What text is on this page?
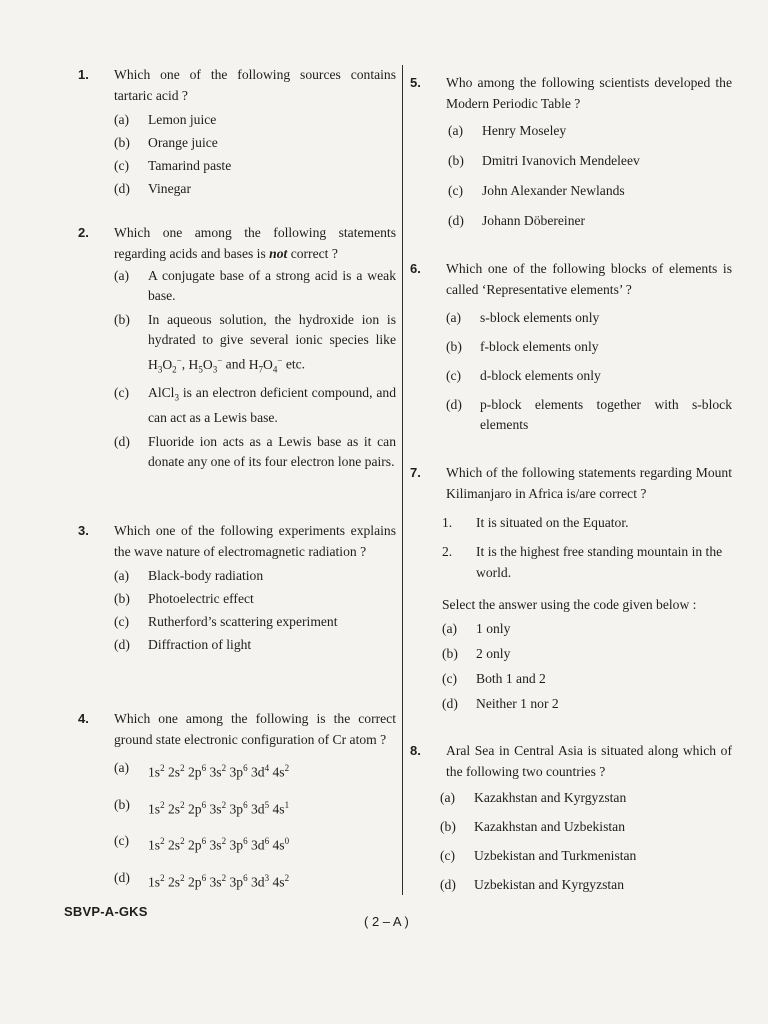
1.	Which one of the following sources contains tartaric acid ?
(a)	Lemon juice
(b)	Orange juice
(c)	Tamarind paste
(d)	Vinegar
2.	Which one among the following statements regarding acids and bases is not correct ?
(a)	A conjugate base of a strong acid is a weak base.
(b)	In aqueous solution, the hydroxide ion is hydrated to give several ionic species like $H_3O_2^-$, $H_5O_3^-$ and $H_7O_4^-$ etc.
(c)	AlCl$_3$ is an electron deficient compound, and can act as a Lewis base.
(d)	Fluoride ion acts as a Lewis base as it can donate any one of its four electron lone pairs.
3.	Which one of the following experiments explains the wave nature of electromagnetic radiation ?
(a)	Black-body radiation
(b)	Photoelectric effect
(c)	Rutherford’s scattering experiment
(d)	Diffraction of light
4.	Which one among the following is the correct ground state electronic configuration of Cr atom ?
(a)	$1s^2$ $2s^2$ $2p^6$ $3s^2$ $3p^6$ $3d^4$ $4s^2$
(b)	$1s^2$ $2s^2$ $2p^6$ $3s^2$ $3p^6$ $3d^5$ $4s^1$
(c)	$1s^2$ $2s^2$ $2p^6$ $3s^2$ $3p^6$ $3d^6$ $4s^0$
(d)	$1s^2$ $2s^2$ $2p^6$ $3s^2$ $3p^6$ $3d^3$ $4s^2$
5.	Who among the following scientists developed the Modern Periodic Table ?
(a)	Henry Moseley
(b)	Dmitri Ivanovich Mendeleev
(c)	John Alexander Newlands
(d)	Johann Döbereiner
6.	Which one of the following blocks of elements is called ‘Representative elements’ ?
(a)	s-block elements only
(b)	f-block elements only
(c)	d-block elements only
(d)	p-block elements together with s-block elements
7.	Which of the following statements regarding Mount Kilimanjaro in Africa is/are correct ?
1.	It is situated on the Equator.
2.	It is the highest free standing mountain in the world.
Select the answer using the code given below :
(a)	1 only
(b)	2 only
(c)	Both 1 and 2
(d)	Neither 1 nor 2
8.	Aral Sea in Central Asia is situated along which of the following two countries ?
(a)	Kazakhstan and Kyrgyzstan
(b)	Kazakhstan and Uzbekistan
(c)	Uzbekistan and Turkmenistan
(d)	Uzbekistan and Kyrgyzstan
SBVP-A-GKS
( 2 – A )
